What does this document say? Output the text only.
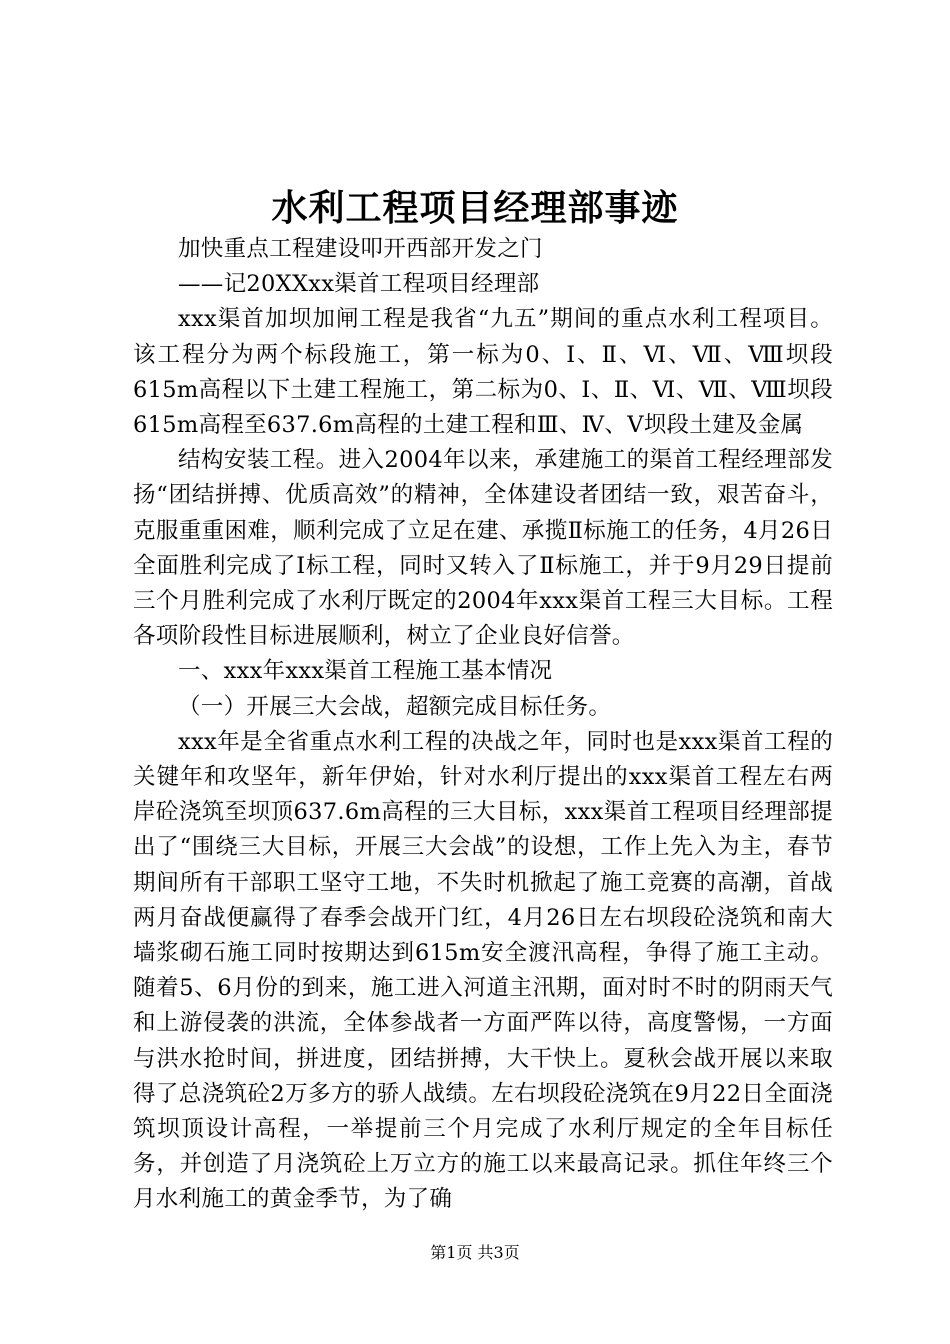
水利工程项目经理部事迹

加快重点工程建设叩开西部开发之门

——记20XXxx渠首工程项目经理部

xxx渠首加坝加闸工程是我省“九五”期间的重点水利工程项目。该工程分为两个标段施工，第一标为0、Ⅰ、Ⅱ、Ⅵ、Ⅶ、Ⅷ坝段615m高程以下土建工程施工，第二标为0、Ⅰ、Ⅱ、Ⅵ、Ⅶ、Ⅷ坝段615m高程至637.6m高程的土建工程和Ⅲ、Ⅳ、Ⅴ坝段土建及金属

结构安装工程。进入2004年以来，承建施工的渠首工程经理部发扬“团结拼搏、优质高效”的精神，全体建设者团结一致，艰苦奋斗，克服重重困难，顺利完成了立足在建、承揽Ⅱ标施工的任务，4月26日全面胜利完成了Ⅰ标工程，同时又转入了Ⅱ标施工，并于9月29日提前三个月胜利完成了水利厅既定的2004年xxx渠首工程三大目标。工程各项阶段性目标进展顺利，树立了企业良好信誉。

一、xxx年xxx渠首工程施工基本情况

（一）开展三大会战，超额完成目标任务。

xxx年是全省重点水利工程的决战之年，同时也是xxx渠首工程的关键年和攻坚年，新年伊始，针对水利厅提出的xxx渠首工程左右两岸砼浇筑至坝顶637.6m高程的三大目标，xxx渠首工程项目经理部提出了“围绕三大目标，开展三大会战”的设想，工作上先入为主，春节期间所有干部职工坚守工地，不失时机掀起了施工竞赛的高潮，首战两月奋战便赢得了春季会战开门红，4月26日左右坝段砼浇筑和南大墙浆砌石施工同时按期达到615m安全渡汛高程，争得了施工主动。随着5、6月份的到来，施工进入河道主汛期，面对时不时的阴雨天气和上游侵袭的洪流，全体参战者一方面严阵以待，高度警惕，一方面与洪水抢时间，拼进度，团结拼搏，大干快上。夏秋会战开展以来取得了总浇筑砼2万多方的骄人战绩。左右坝段砼浇筑在9月22日全面浇筑坝顶设计高程，一举提前三个月完成了水利厅规定的全年目标任务，并创造了月浇筑砼上万立方的施工以来最高记录。抓住年终三个月水利施工的黄金季节，为了确

第1页 共3页
